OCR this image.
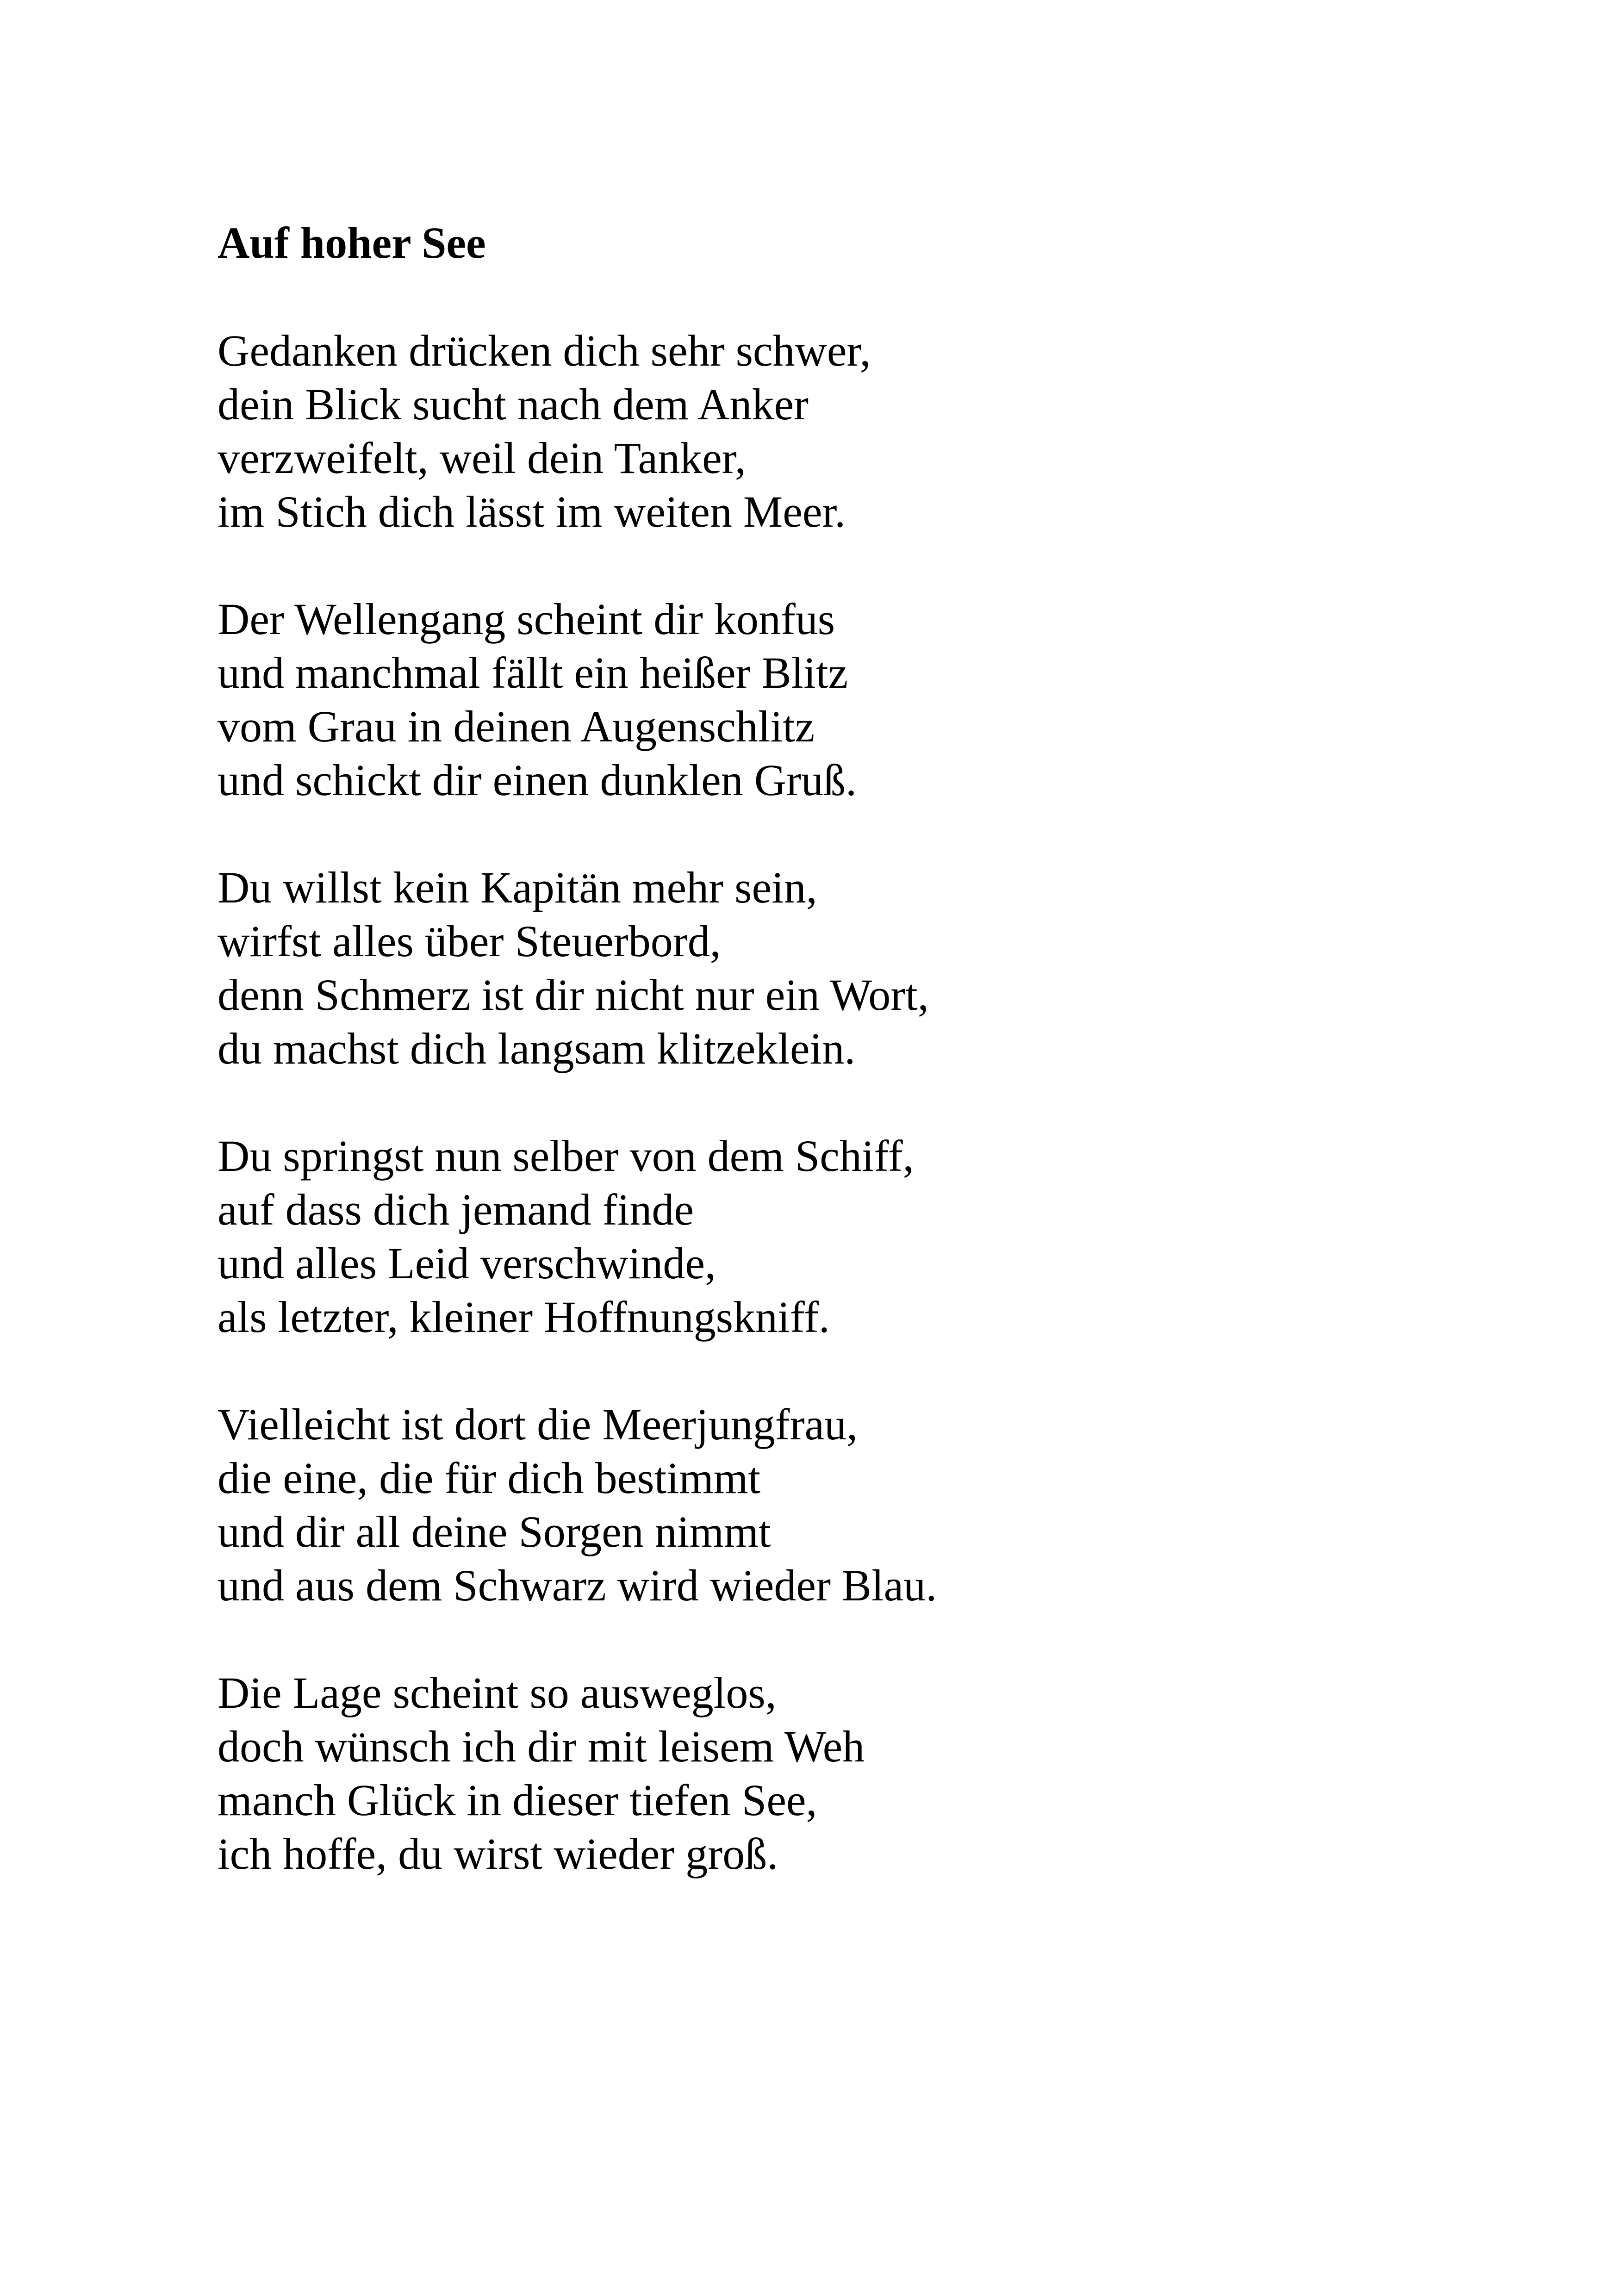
Auf hoher See
Gedanken drücken dich sehr schwer,
dein Blick sucht nach dem Anker
verzweifelt, weil dein Tanker,
im Stich dich lässt im weiten Meer.
Der Wellengang scheint dir konfus
und manchmal fällt ein heißer Blitz
vom Grau in deinen Augenschlitz
und schickt dir einen dunklen Gruß.
Du willst kein Kapitän mehr sein,
wirfst alles über Steuerbord,
denn Schmerz ist dir nicht nur ein Wort,
du machst dich langsam klitzeklein.
Du springst nun selber von dem Schiff,
auf dass dich jemand finde
und alles Leid verschwinde,
als letzter, kleiner Hoffnungskniff.
Vielleicht ist dort die Meerjungfrau,
die eine, die für dich bestimmt
und dir all deine Sorgen nimmt
und aus dem Schwarz wird wieder Blau.
Die Lage scheint so ausweglos,
doch wünsch ich dir mit leisem Weh
manch Glück in dieser tiefen See,
ich hoffe, du wirst wieder groß.
